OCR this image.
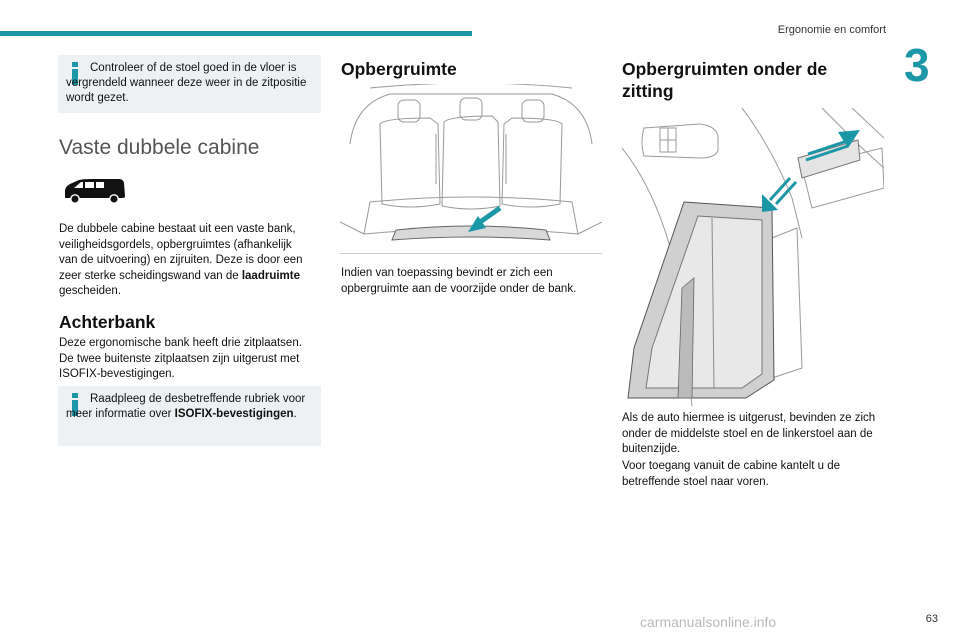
Ergonomie en comfort
3
Controleer of de stoel goed in de vloer is vergrendeld wanneer deze weer in de zitpositie wordt gezet.
Vaste dubbele cabine
De dubbele cabine bestaat uit een vaste bank, veiligheidsgordels, opbergruimtes (afhankelijk van de uitvoering) en zijruiten. Deze is door een zeer sterke scheidingswand van de laadruimte gescheiden.
Achterbank
Deze ergonomische bank heeft drie zitplaatsen. De twee buitenste zitplaatsen zijn uitgerust met ISOFIX-bevestigingen.
Raadpleeg de desbetreffende rubriek voor meer informatie over ISOFIX-bevestigingen.
Opbergruimte
Indien van toepassing bevindt er zich een opbergruimte aan de voorzijde onder de bank.
Opbergruimten onder de zitting
Als de auto hiermee is uitgerust, bevinden ze zich onder de middelste stoel en de linkerstoel aan de buitenzijde.
Voor toegang vanuit de cabine kantelt u de betreffende stoel naar voren.
carmanualsonline.info	63
